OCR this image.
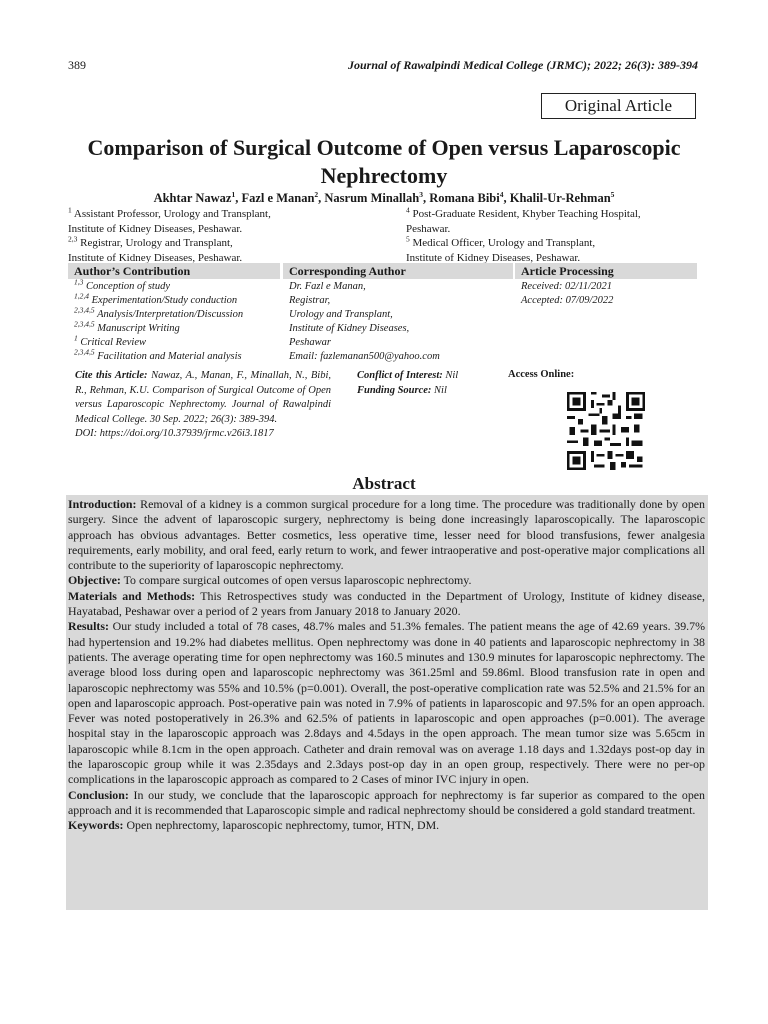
389	Journal of Rawalpindi Medical College (JRMC); 2022; 26(3): 389-394
Original Article
Comparison of Surgical Outcome of Open versus Laparoscopic Nephrectomy
Akhtar Nawaz$^1$, Fazl e Manan$^2$, Nasrum Minallah$^3$, Romana Bibi$^4$, Khalil-Ur-Rehman$^5$
$^1$ Assistant Professor, Urology and Transplant,
Institute of Kidney Diseases, Peshawar.
$^{2,3}$ Registrar, Urology and Transplant,
Institute of Kidney Diseases, Peshawar.
$^4$ Post-Graduate Resident, Khyber Teaching Hospital,
Peshawar.
$^5$ Medical Officer, Urology and Transplant,
Institute of Kidney Diseases, Peshawar.
Author’s Contribution
$^{1,3}$ Conception of study
$^{1,2,4}$ Experimentation/Study conduction
$^{2,3,4,5}$ Analysis/Interpretation/Discussion
$^{2,3,4,5}$ Manuscript Writing
$^1$ Critical Review
$^{2,3,4,5}$ Facilitation and Material analysis
Corresponding Author
Dr. Fazl e Manan,
Registrar,
Urology and Transplant,
Institute of Kidney Diseases,
Peshawar
Email: fazlemanan500@yahoo.com
Article Processing
Received: 02/11/2021
Accepted: 07/09/2022
Cite this Article: Nawaz, A., Manan, F., Minallah, N., Bibi, R., Rehman, K.U. Comparison of Surgical Outcome of Open versus Laparoscopic Nephrectomy. Journal of Rawalpindi Medical College. 30 Sep. 2022; 26(3): 389-394.
DOI: https://doi.org/10.37939/jrmc.v26i3.1817
Conflict of Interest: Nil
Funding Source: Nil
Access Online:
Abstract

Introduction: Removal of a kidney is a common surgical procedure for a long time. The procedure was traditionally done by open surgery. Since the advent of laparoscopic surgery, nephrectomy is being done increasingly laparoscopically. The laparoscopic approach has obvious advantages. Better cosmetics, less operative time, lesser need for blood transfusions, fewer analgesia requirements, early mobility, and oral feed, early return to work, and fewer intraoperative and post-operative major complications all contribute to the superiority of laparoscopic nephrectomy.

Objective: To compare surgical outcomes of open versus laparoscopic nephrectomy.

Materials and Methods: This Retrospectives study was conducted in the Department of Urology, Institute of kidney disease, Hayatabad, Peshawar over a period of 2 years from January 2018 to January 2020.

Results: Our study included a total of 78 cases, 48.7% males and 51.3% females. The patient means the age of 42.69 years. 39.7% had hypertension and 19.2% had diabetes mellitus. Open nephrectomy was done in 40 patients and laparoscopic nephrectomy in 38 patients. The average operating time for open nephrectomy was 160.5 minutes and 130.9 minutes for laparoscopic nephrectomy. The average blood loss during open and laparoscopic nephrectomy was 361.25ml and 59.86ml. Blood transfusion rate in open and laparoscopic nephrectomy was 55% and 10.5% (p=0.001). Overall, the post-operative complication rate was 52.5% and 21.5% for an open and laparoscopic approach. Post-operative pain was noted in 7.9% of patients in laparoscopic and 97.5% for an open approach. Fever was noted postoperatively in 26.3% and 62.5% of patients in laparoscopic and open approaches (p=0.001). The average hospital stay in the laparoscopic approach was 2.8days and 4.5days in the open approach. The mean tumor size was 5.65cm in laparoscopic while 8.1cm in the open approach. Catheter and drain removal was on average 1.18 days and 1.32days post-op day in the laparoscopic group while it was 2.35days and 2.3days post-op day in an open group, respectively. There were no per-op complications in the laparoscopic approach as compared to 2 Cases of minor IVC injury in open.

Conclusion: In our study, we conclude that the laparoscopic approach for nephrectomy is far superior as compared to the open approach and it is recommended that Laparoscopic simple and radical nephrectomy should be considered a gold standard treatment.

Keywords: Open nephrectomy, laparoscopic nephrectomy, tumor, HTN, DM.
